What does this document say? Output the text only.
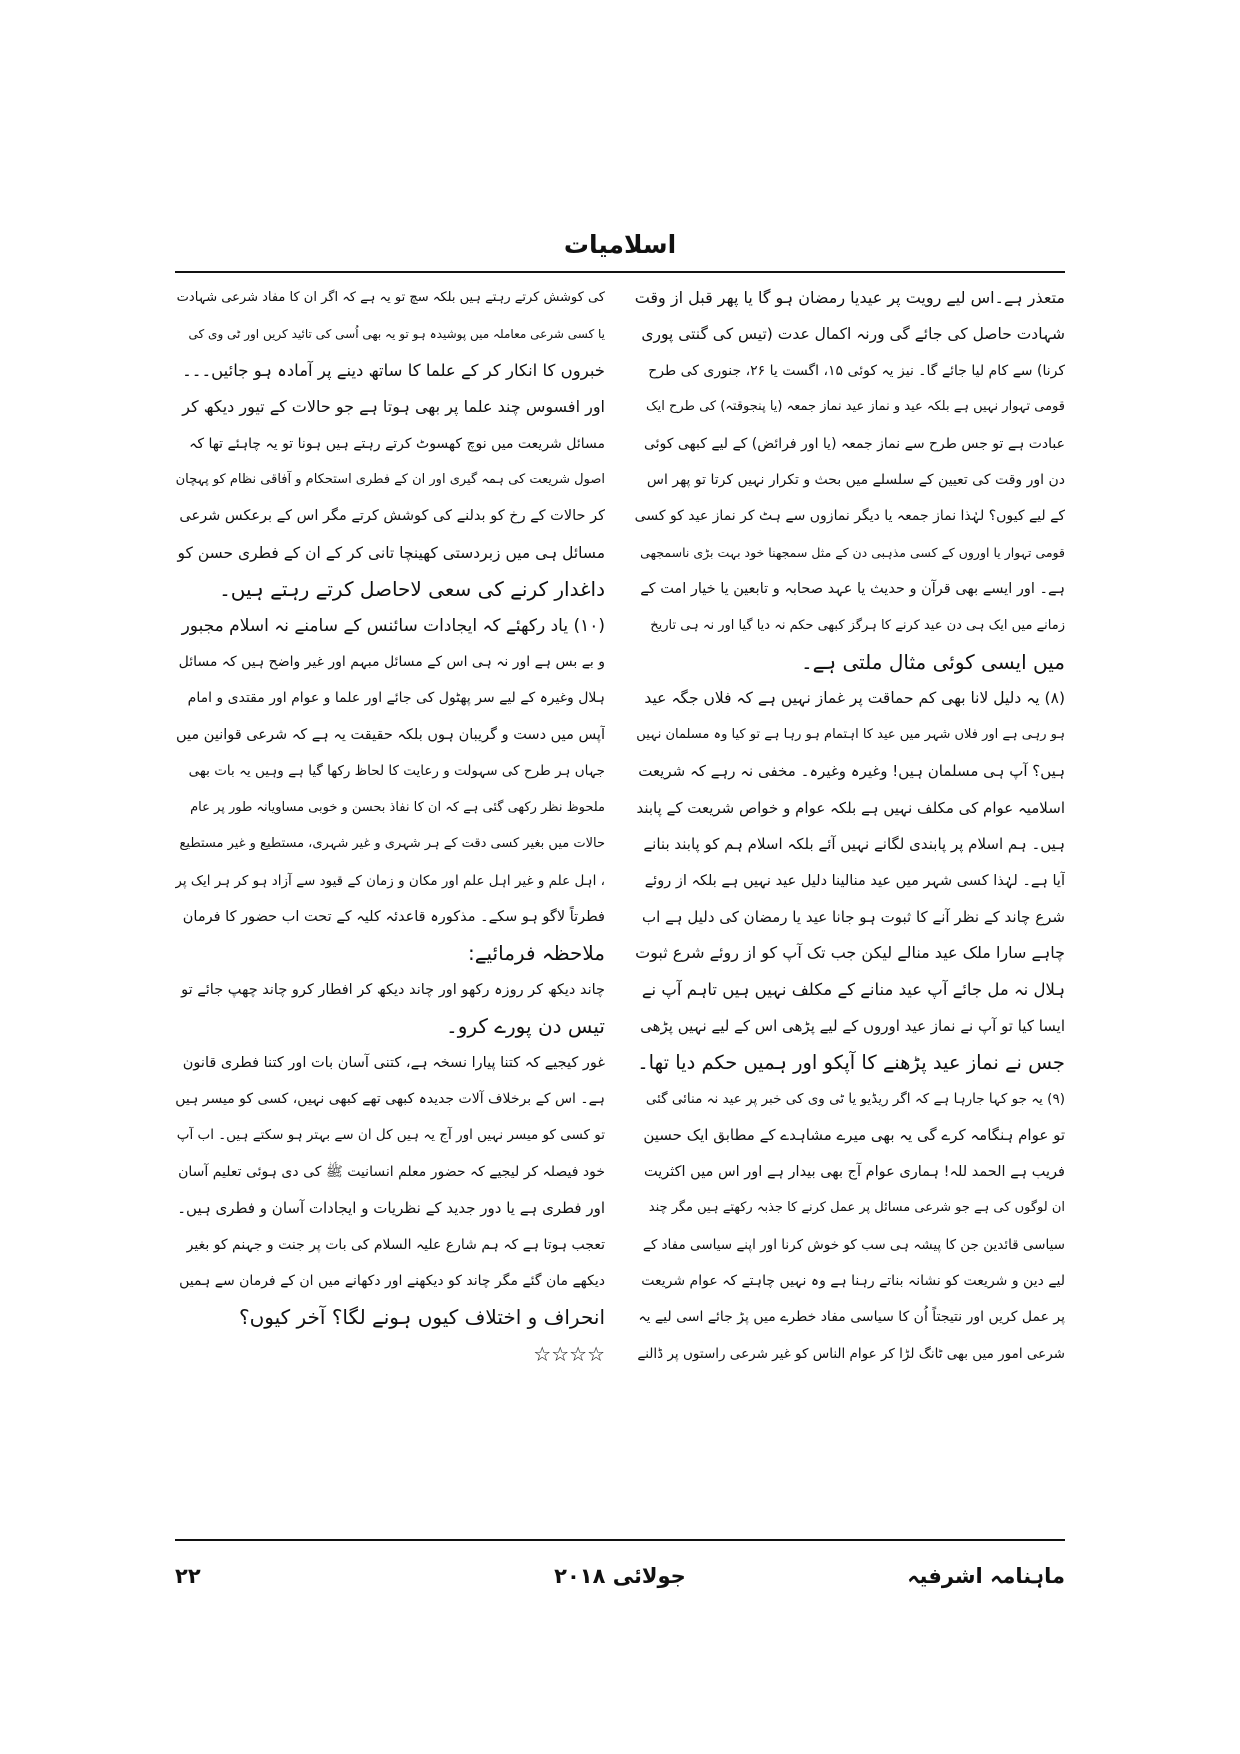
اسلامیات
متعذر ہے۔اس لیے رویت پر عیدیا رمضان ہو گا یا پھر قبل از وقت
شہادت حاصل کی جائے گی ورنہ اکمال عدت (تیس کی گنتی پوری
کرنا) سے کام لیا جائے گا۔ نیز یہ کوئی ۱۵، اگست یا ۲۶، جنوری کی طرح
قومی تہوار نہیں ہے بلکہ عید و نماز عید نماز جمعہ (یا پنجوقتہ) کی طرح ایک
عبادت ہے تو جس طرح سے نماز جمعہ (یا اور فرائض) کے لیے کبھی کوئی
دن اور وقت کی تعیین کے سلسلے میں بحث و تکرار نہیں کرتا تو پھر اس
کے لیے کیوں؟ لہٰذا نماز جمعہ یا دیگر نمازوں سے ہٹ کر نماز عید کو کسی
قومی تہوار یا اوروں کے کسی مذہبی دن کے مثل سمجھنا خود بہت بڑی ناسمجھی
ہے۔ اور ایسے بھی قرآن و حدیث یا عہد صحابہ و تابعین یا خیار امت کے
زمانے میں ایک ہی دن عید کرنے کا ہرگز کبھی حکم نہ دیا گیا اور نہ ہی تاریخ
میں ایسی کوئی مثال ملتی ہے۔
(۸) یہ دلیل لانا بھی کم حماقت پر غماز نہیں ہے کہ فلاں جگہ عید
ہو رہی ہے اور فلاں شہر میں عید کا اہتمام ہو رہا ہے تو کیا وہ مسلمان نہیں
ہیں؟ آپ ہی مسلمان ہیں! وغیرہ وغیرہ۔ مخفی نہ رہے کہ شریعت
اسلامیہ عوام کی مکلف نہیں ہے بلکہ عوام و خواص شریعت کے پابند
ہیں۔ ہم اسلام پر پابندی لگانے نہیں آئے بلکہ اسلام ہم کو پابند بنانے
آیا ہے۔ لہٰذا کسی شہر میں عید منالینا دلیل عید نہیں ہے بلکہ از روئے
شرع چاند کے نظر آنے کا ثبوت ہو جانا عید یا رمضان کی دلیل ہے اب
چاہے سارا ملک عید منالے لیکن جب تک آپ کو از روئے شرع ثبوت
ہلال نہ مل جائے آپ عید منانے کے مکلف نہیں ہیں تاہم آپ نے
ایسا کیا تو آپ نے نماز عید اوروں کے لیے پڑھی اس کے لیے نہیں پڑھی
جس نے نماز عید پڑھنے کا آپکو اور ہمیں حکم دیا تھا۔
(۹) یہ جو کہا جارہا ہے کہ اگر ریڈیو یا ٹی وی کی خبر پر عید نہ منائی گئی
تو عوام ہنگامہ کرے گی یہ بھی میرے مشاہدے کے مطابق ایک حسین
فریب ہے الحمد للہ! ہماری عوام آج بھی بیدار ہے اور اس میں اکثریت
ان لوگوں کی ہے جو شرعی مسائل پر عمل کرنے کا جذبہ رکھتے ہیں مگر چند
سیاسی قائدین جن کا پیشہ ہی سب کو خوش کرنا اور اپنے سیاسی مفاد کے
لیے دین و شریعت کو نشانہ بناتے رہنا ہے وہ نہیں چاہتے کہ عوام شریعت
پر عمل کریں اور نتیجتاً اُن کا سیاسی مفاد خطرے میں پڑ جائے اسی لیے یہ
شرعی امور میں بھی ٹانگ لڑا کر عوام الناس کو غیر شرعی راستوں پر ڈالنے
کی کوشش کرتے رہتے ہیں بلکہ سچ تو یہ ہے کہ اگر ان کا مفاد شرعی شہادت
یا کسی شرعی معاملہ میں پوشیدہ ہو تو یہ بھی اُسی کی تائید کریں اور ٹی وی کی
خبروں کا انکار کر کے علما کا ساتھ دینے پر آمادہ ہو جائیں۔۔۔
اور افسوس چند علما پر بھی ہوتا ہے جو حالات کے تیور دیکھ کر
مسائل شریعت میں نوچ کھسوٹ کرتے رہتے ہیں ہونا تو یہ چاہئے تھا کہ
اصول شریعت کی ہمہ گیری اور ان کے فطری استحکام و آفاقی نظام کو پہچان
کر حالات کے رخ کو بدلنے کی کوشش کرتے مگر اس کے برعکس شرعی
مسائل ہی میں زبردستی کھینچا تانی کر کے ان کے فطری حسن کو
داغدار کرنے کی سعی لاحاصل کرتے رہتے ہیں۔
(۱۰) یاد رکھئے کہ ایجادات سائنس کے سامنے نہ اسلام مجبور
و بے بس ہے اور نہ ہی اس کے مسائل مبہم اور غیر واضح ہیں کہ مسائل
ہلال وغیرہ کے لیے سر پھٹول کی جائے اور علما و عوام اور مقتدی و امام
آپس میں دست و گریبان ہوں بلکہ حقیقت یہ ہے کہ شرعی قوانین میں
جہاں ہر طرح کی سہولت و رعایت کا لحاظ رکھا گیا ہے وہیں یہ بات بھی
ملحوظ نظر رکھی گئی ہے کہ ان کا نفاذ بحسن و خوبی مساویانہ طور پر عام
حالات میں بغیر کسی دقت کے ہر شہری و غیر شہری، مستطیع و غیر مستطیع
، اہل علم و غیر اہل علم اور مکان و زمان کے قیود سے آزاد ہو کر ہر ایک پر
فطرتاً لاگو ہو سکے۔ مذکورہ قاعدئہ کلیہ کے تحت اب حضور کا فرمان
ملاحظہ فرمائیے:
چاند دیکھ کر روزہ رکھو اور چاند دیکھ کر افطار کرو چاند چھپ جائے تو
تیس دن پورے کرو۔
غور کیجیے کہ کتنا پیارا نسخہ ہے، کتنی آسان بات اور کتنا فطری قانون
ہے۔ اس کے برخلاف آلات جدیدہ کبھی تھے کبھی نہیں، کسی کو میسر ہیں
تو کسی کو میسر نہیں اور آج یہ ہیں کل ان سے بہتر ہو سکتے ہیں۔ اب آپ
خود فیصلہ کر لیجیے کہ حضور معلم انسانیت ﷺ کی دی ہوئی تعلیم آسان
اور فطری ہے یا دور جدید کے نظریات و ایجادات آسان و فطری ہیں۔
تعجب ہوتا ہے کہ ہم شارع علیہ السلام کی بات پر جنت و جہنم کو بغیر
دیکھے مان گئے مگر چاند کو دیکھنے اور دکھانے میں ان کے فرمان سے ہمیں
انحراف و اختلاف کیوں ہونے لگا؟ آخر کیوں؟
☆☆☆☆
ماہنامہ اشرفیہ
جولائی ۲۰۱۸
۲۲
